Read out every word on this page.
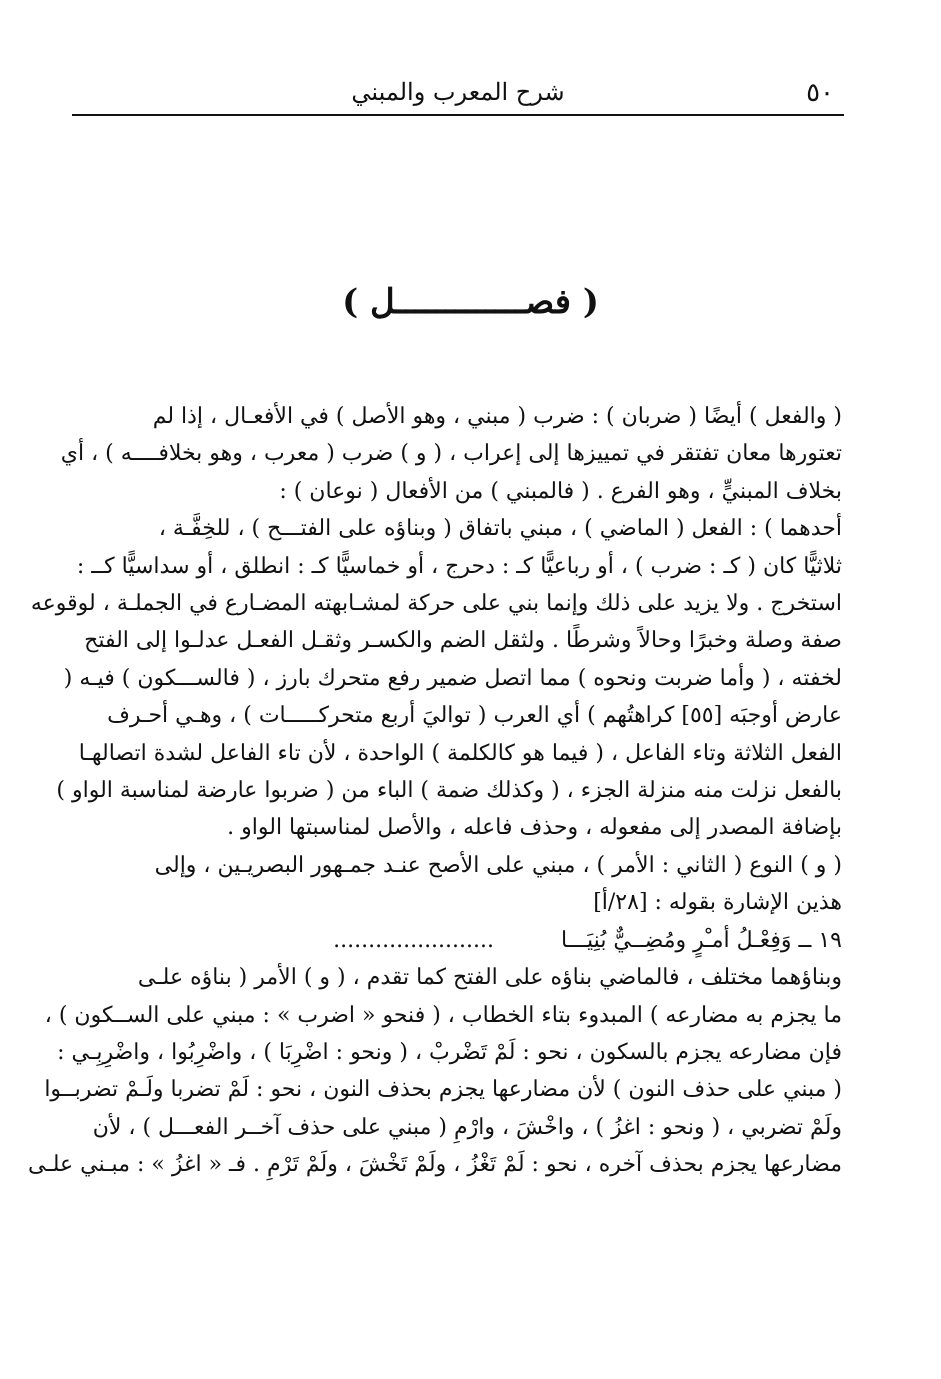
٥٠
شرح المعرب والمبني
( فصـــــــــــــل )
( والفعل ) أيضًا ( ضربان ) : ضرب ( مبني ، وهو الأصل ) في الأفعـال ، إذا لم
تعتورها معان تفتقر في تمييزها إلى إعراب ، ( و ) ضرب ( معرب ، وهو بخلافــــه ) ، أي
بخلاف المبنيٍّ ، وهو الفرع . ( فالمبني ) من الأفعال ( نوعان ) :
أحدهما ) : الفعل ( الماضي ) ، مبني باتفاق ( وبناؤه على الفتـــح ) ، للخِفَّـة ،
ثلاثيًّا كان ( كـ : ضرب ) ، أو رباعيًّا كـ : دحرج ، أو خماسيًّا كـ : انطلق ، أو سداسيًّا كــ :
استخرج . ولا يزيد على ذلك وإنما بني على حركة لمشـابهته المضـارع في الجملـة ، لوقوعه
صفة وصلة وخبرًا وحالاً وشرطًا . ولثقل الضم والكسـر وثقـل الفعـل عدلـوا إلى الفتح
لخفته ، ( وأما ضربت ونحوه ) مما اتصل ضمير رفع متحرك بارز ، ( فالســـكون ) فيـه (
عارض أوجبَه [٥٥] كراهتُهم ) أي العرب ( تواليَ أربع متحركـــــات ) ، وهـي أحـرف
الفعل الثلاثة وتاء الفاعل ، ( فيما هو كالكلمة ) الواحدة ، لأن تاء الفاعل لشدة اتصالهـا
بالفعل نزلت منه منزلة الجزء ، ( وكذلك ضمة ) الباء من ( ضربوا عارضة لمناسبة الواو )
بإضافة المصدر إلى مفعوله ، وحذف فاعله ، والأصل لمناسبتها الواو .
( و ) النوع ( الثاني : الأمر ) ، مبني على الأصح عنـد جمـهور البصريـين ، وإلى
هذين الإشارة بقوله : [٢٨/أ]
١٩ ــ وَفِعْـلُ أمـْرٍ ومُضِــيٌّ بُنِيَـــا .......................
وبناؤهما مختلف ، فالماضي بناؤه على الفتح كما تقدم ، ( و ) الأمر ( بناؤه علـى
ما يجزم به مضارعه ) المبدوء بتاء الخطاب ، ( فنحو « اضرب » : مبني على الســكون ) ،
فإن مضارعه يجزم بالسكون ، نحو : لَمْ تَضْربْ ، ( ونحو : اضْرِبَا ) ، واضْرِبُوا ، واضْرِبِـي :
( مبني على حذف النون ) لأن مضارعها يجزم بحذف النون ، نحو : لَمْ تضربا ولَـمْ تضربــوا
ولَمْ تضربي ، ( ونحو : اغزُ ) ، واخْشَ ، وارْمِ ( مبني على حذف آخــر الفعـــل ) ، لأن
مضارعها يجزم بحذف آخره ، نحو : لَمْ تَغْزُ ، ولَمْ تَخْشَ ، ولَمْ تَرْمِ . فـ « اغزُ » : مبـني علـى
